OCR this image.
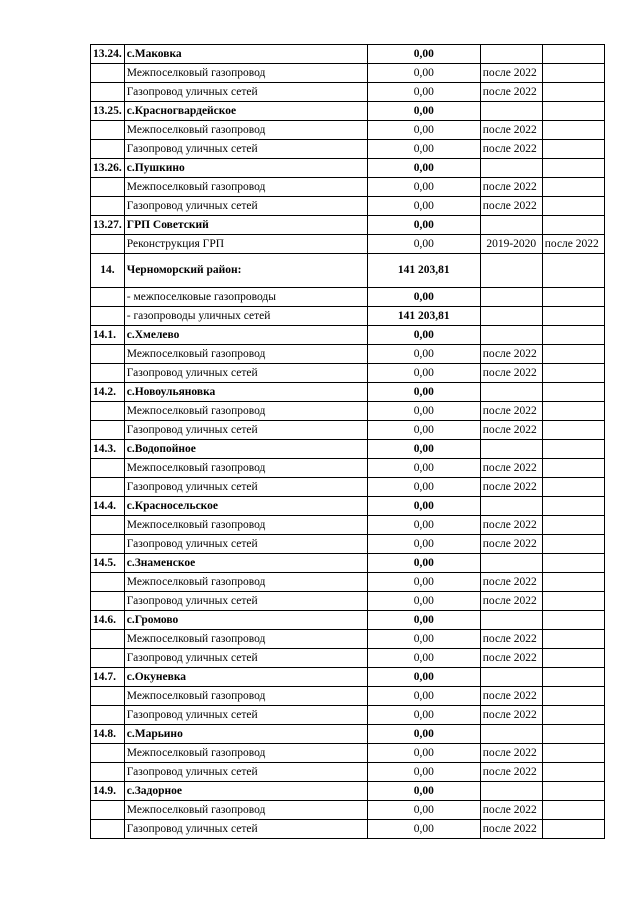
13.24.	с.Маковка	0,00		
	Межпоселковый газопровод	0,00	после 2022	
	Газопровод уличных сетей	0,00	после 2022	
13.25.	с.Красногвардейское	0,00		
	Межпоселковый газопровод	0,00	после 2022	
	Газопровод уличных сетей	0,00	после 2022	
13.26.	с.Пушкино	0,00		
	Межпоселковый газопровод	0,00	после 2022	
	Газопровод уличных сетей	0,00	после 2022	
13.27.	ГРП Советский	0,00		
	Реконструкция ГРП	0,00	2019-2020	после 2022
14.	Черноморский район:	141 203,81		
	- межпоселковые газопроводы	0,00		
	- газопроводы уличных сетей	141 203,81		
14.1.	с.Хмелево	0,00		
	Межпоселковый газопровод	0,00	после 2022	
	Газопровод уличных сетей	0,00	после 2022	
14.2.	с.Новоульяновка	0,00		
	Межпоселковый газопровод	0,00	после 2022	
	Газопровод уличных сетей	0,00	после 2022	
14.3.	с.Водопойное	0,00		
	Межпоселковый газопровод	0,00	после 2022	
	Газопровод уличных сетей	0,00	после 2022	
14.4.	с.Красносельское	0,00		
	Межпоселковый газопровод	0,00	после 2022	
	Газопровод уличных сетей	0,00	после 2022	
14.5.	с.Знаменское	0,00		
	Межпоселковый газопровод	0,00	после 2022	
	Газопровод уличных сетей	0,00	после 2022	
14.6.	с.Громово	0,00		
	Межпоселковый газопровод	0,00	после 2022	
	Газопровод уличных сетей	0,00	после 2022	
14.7.	с.Окуневка	0,00		
	Межпоселковый газопровод	0,00	после 2022	
	Газопровод уличных сетей	0,00	после 2022	
14.8.	с.Марьино	0,00		
	Межпоселковый газопровод	0,00	после 2022	
	Газопровод уличных сетей	0,00	после 2022	
14.9.	с.Задорное	0,00		
	Межпоселковый газопровод	0,00	после 2022	
	Газопровод уличных сетей	0,00	после 2022	
